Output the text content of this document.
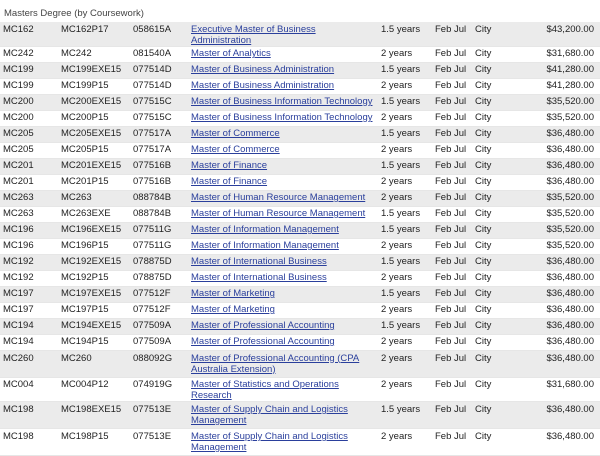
Masters Degree (by Coursework)
MC162	MC162P17	058615A	Executive Master of Business Administration	1.5 years	Feb Jul	City	$43,200.00
MC242	MC242	081540A	Master of Analytics	2 years	Feb Jul	City	$31,680.00
MC199	MC199EXE15	077514D	Master of Business Administration	1.5 years	Feb Jul	City	$41,280.00
MC199	MC199P15	077514D	Master of Business Administration	2 years	Feb Jul	City	$41,280.00
MC200	MC200EXE15	077515C	Master of Business Information Technology	1.5 years	Feb Jul	City	$35,520.00
MC200	MC200P15	077515C	Master of Business Information Technology	2 years	Feb Jul	City	$35,520.00
MC205	MC205EXE15	077517A	Master of Commerce	1.5 years	Feb Jul	City	$36,480.00
MC205	MC205P15	077517A	Master of Commerce	2 years	Feb Jul	City	$36,480.00
MC201	MC201EXE15	077516B	Master of Finance	1.5 years	Feb Jul	City	$36,480.00
MC201	MC201P15	077516B	Master of Finance	2 years	Feb Jul	City	$36,480.00
MC263	MC263	088784B	Master of Human Resource Management	2 years	Feb Jul	City	$35,520.00
MC263	MC263EXE	088784B	Master of Human Resource Management	1.5 years	Feb Jul	City	$35,520.00
MC196	MC196EXE15	077511G	Master of Information Management	1.5 years	Feb Jul	City	$35,520.00
MC196	MC196P15	077511G	Master of Information Management	2 years	Feb Jul	City	$35,520.00
MC192	MC192EXE15	078875D	Master of International Business	1.5 years	Feb Jul	City	$36,480.00
MC192	MC192P15	078875D	Master of International Business	2 years	Feb Jul	City	$36,480.00
MC197	MC197EXE15	077512F	Master of Marketing	1.5 years	Feb Jul	City	$36,480.00
MC197	MC197P15	077512F	Master of Marketing	2 years	Feb Jul	City	$36,480.00
MC194	MC194EXE15	077509A	Master of Professional Accounting	1.5 years	Feb Jul	City	$36,480.00
MC194	MC194P15	077509A	Master of Professional Accounting	2 years	Feb Jul	City	$36,480.00
MC260	MC260	088092G	Master of Professional Accounting (CPA Australia Extension)	2 years	Feb Jul	City	$36,480.00
MC004	MC004P12	074919G	Master of Statistics and Operations Research	2 years	Feb Jul	City	$31,680.00
MC198	MC198EXE15	077513E	Master of Supply Chain and Logistics Management	1.5 years	Feb Jul	City	$36,480.00
MC198	MC198P15	077513E	Master of Supply Chain and Logistics Management	2 years	Feb Jul	City	$36,480.00
